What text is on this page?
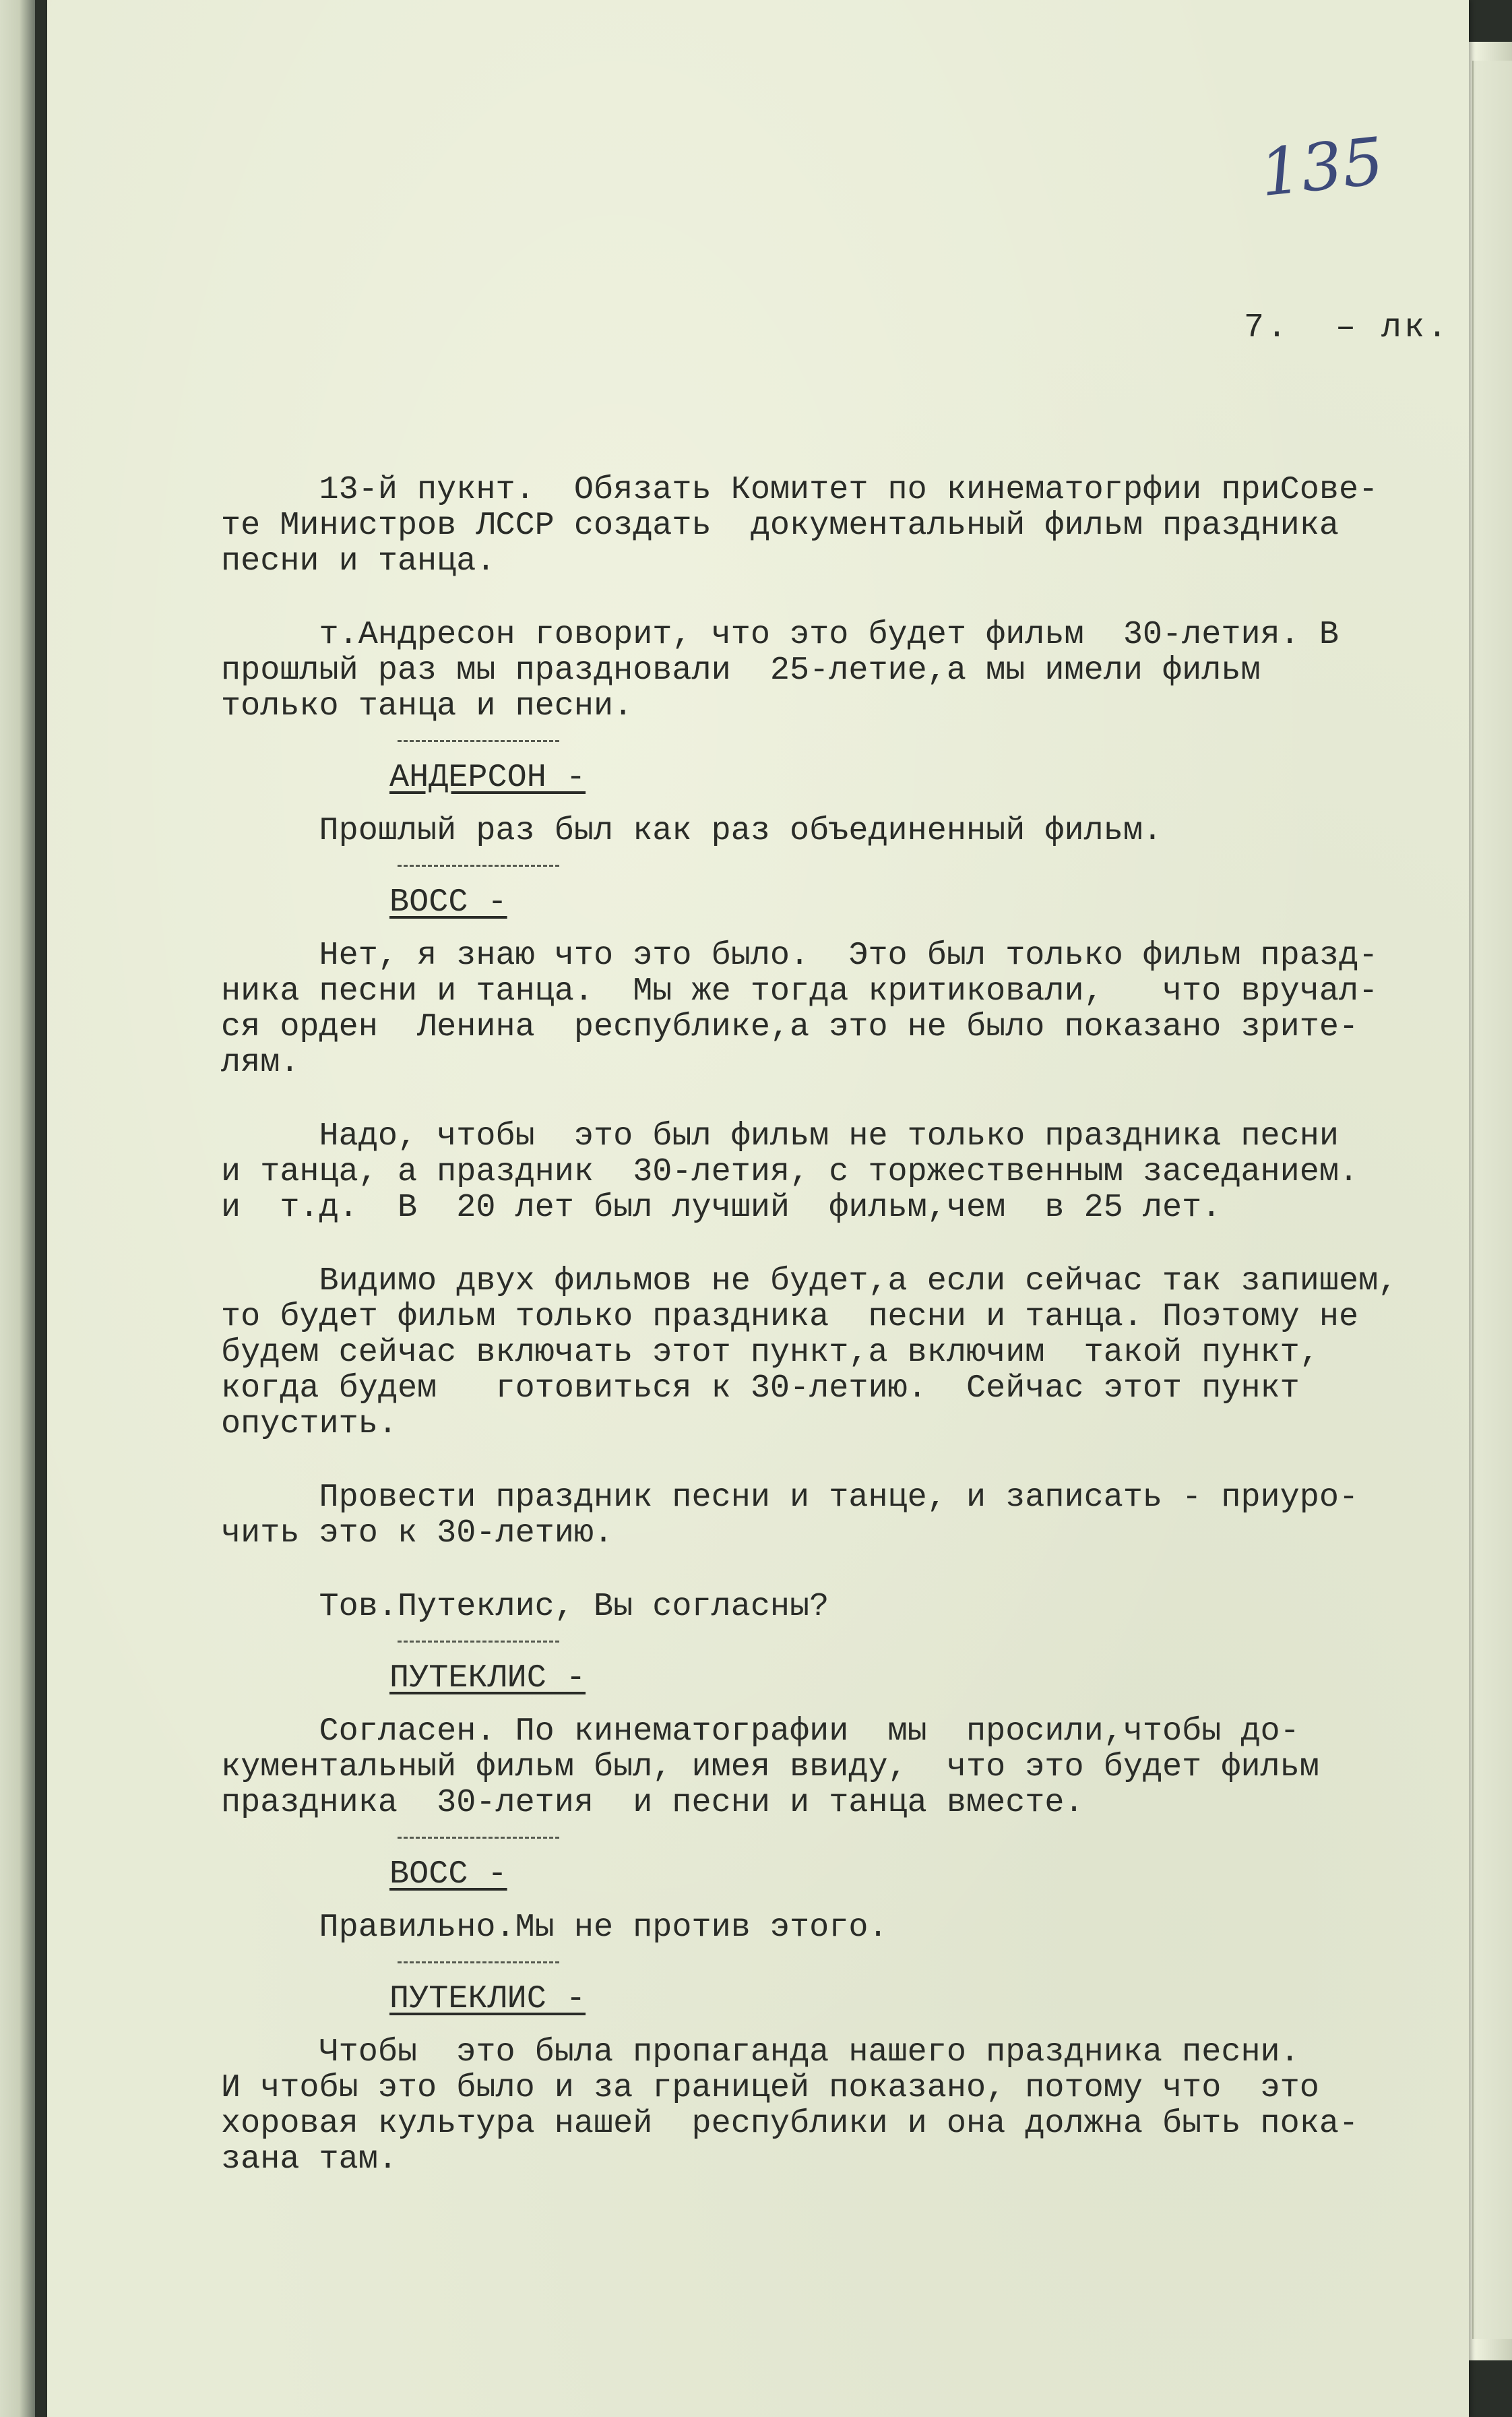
135
7.  – лк.
13-й пукнт.  Обязать Комитет по кинематогрфии приСове-
те Министров ЛССР создать  документальный фильм праздника
песни и танца.
т.Андресон говорит, что это будет фильм  30-летия. В
прошлый раз мы праздновали  25-летие,а мы имели фильм
только танца и песни.
АНДЕРСОН -
Прошлый раз был как раз объединенный фильм.
ВОСС -
Нет, я знаю что это было.  Это был только фильм празд-
ника песни и танца.  Мы же тогда критиковали,   что вручал-
ся орден  Ленина  республике,а это не было показано зрите-
лям.
Надо, чтобы  это был фильм не только праздника песни
и танца, а праздник  30-летия, с торжественным заседанием.
и  т.д.  В  20 лет был лучший  фильм,чем  в 25 лет.
Видимо двух фильмов не будет,а если сейчас так запишем,
то будет фильм только праздника  песни и танца. Поэтому не
будем сейчас включать этот пункт,а включим  такой пункт,
когда будем   готовиться к 30-летию.  Сейчас этот пункт
опустить.
Провести праздник песни и танце, и записать - приуро-
чить это к 30-летию.
Тов.Путеклис, Вы согласны?
ПУТЕКЛИС -
Согласен. По кинематографии  мы  просили,чтобы до-
кументальный фильм был, имея ввиду,  что это будет фильм
праздника  30-летия  и песни и танца вместе.
ВОСС -
Правильно.Мы не против этого.
ПУТЕКЛИС -
Чтобы  это была пропаганда нашего праздника песни.
И чтобы это было и за границей показано, потому что  это
хоровая культура нашей  республики и она должна быть пока-
зана там.
